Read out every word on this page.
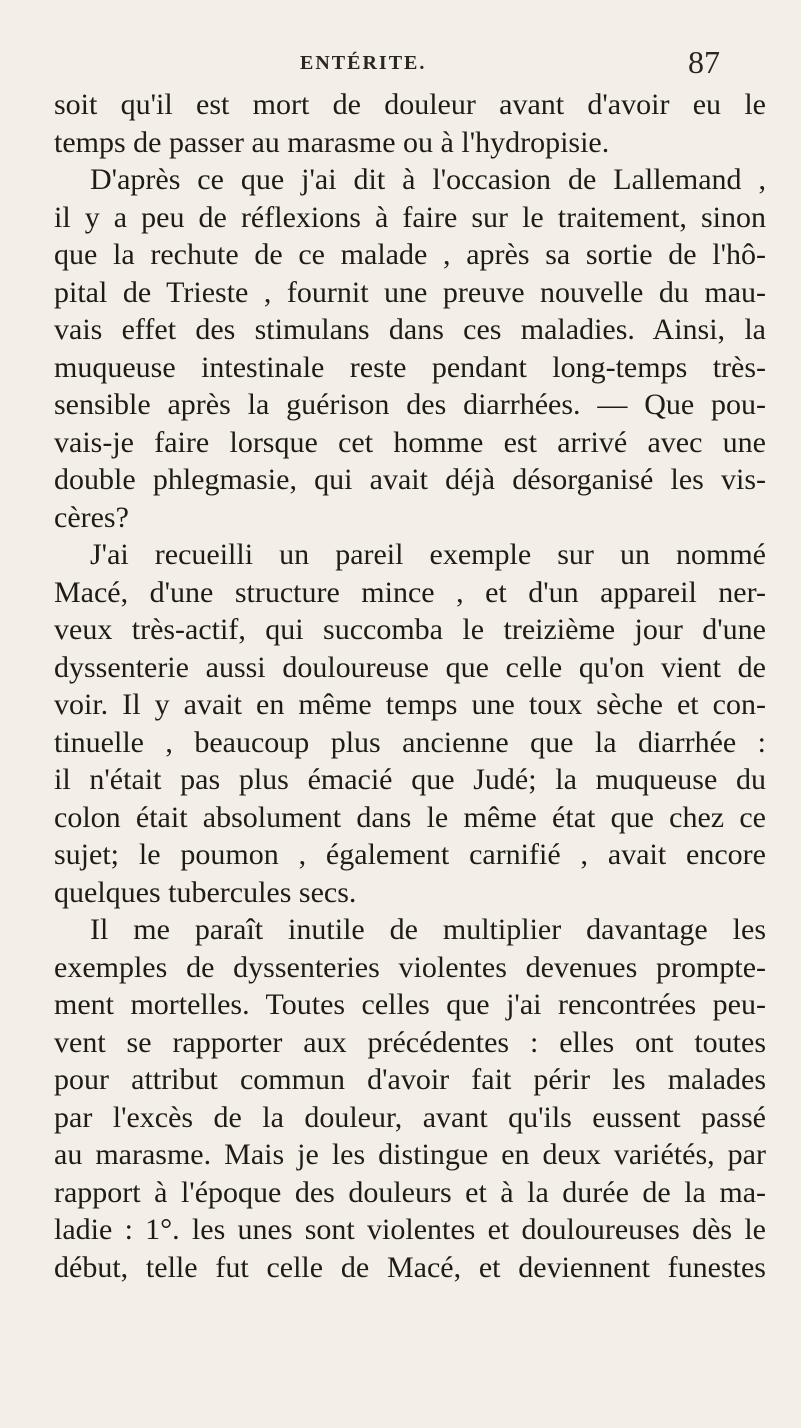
ENTÉRITE.	87
soit qu'il est mort de douleur avant d'avoir eu le
temps de passer au marasme ou à l'hydropisie.
D'après ce que j'ai dit à l'occasion de Lallemand ,
il y a peu de réflexions à faire sur le traitement, sinon
que la rechute de ce malade , après sa sortie de l'hô-
pital de Trieste , fournit une preuve nouvelle du mau-
vais effet des stimulans dans ces maladies. Ainsi, la
muqueuse intestinale reste pendant long-temps très-
sensible après la guérison des diarrhées. — Que pou-
vais-je faire lorsque cet homme est arrivé avec une
double phlegmasie, qui avait déjà désorganisé les vis-
cères?
J'ai recueilli un pareil exemple sur un nommé
Macé, d'une structure mince , et d'un appareil ner-
veux très-actif, qui succomba le treizième jour d'une
dyssenterie aussi douloureuse que celle qu'on vient de
voir. Il y avait en même temps une toux sèche et con-
tinuelle , beaucoup plus ancienne que la diarrhée :
il n'était pas plus émacié que Judé; la muqueuse du
colon était absolument dans le même état que chez ce
sujet; le poumon , également carnifié , avait encore
quelques tubercules secs.
Il me paraît inutile de multiplier davantage les
exemples de dyssenteries violentes devenues prompte-
ment mortelles. Toutes celles que j'ai rencontrées peu-
vent se rapporter aux précédentes : elles ont toutes
pour attribut commun d'avoir fait périr les malades
par l'excès de la douleur, avant qu'ils eussent passé
au marasme. Mais je les distingue en deux variétés, par
rapport à l'époque des douleurs et à la durée de la ma-
ladie : 1°. les unes sont violentes et douloureuses dès le
début, telle fut celle de Macé, et deviennent funestes
